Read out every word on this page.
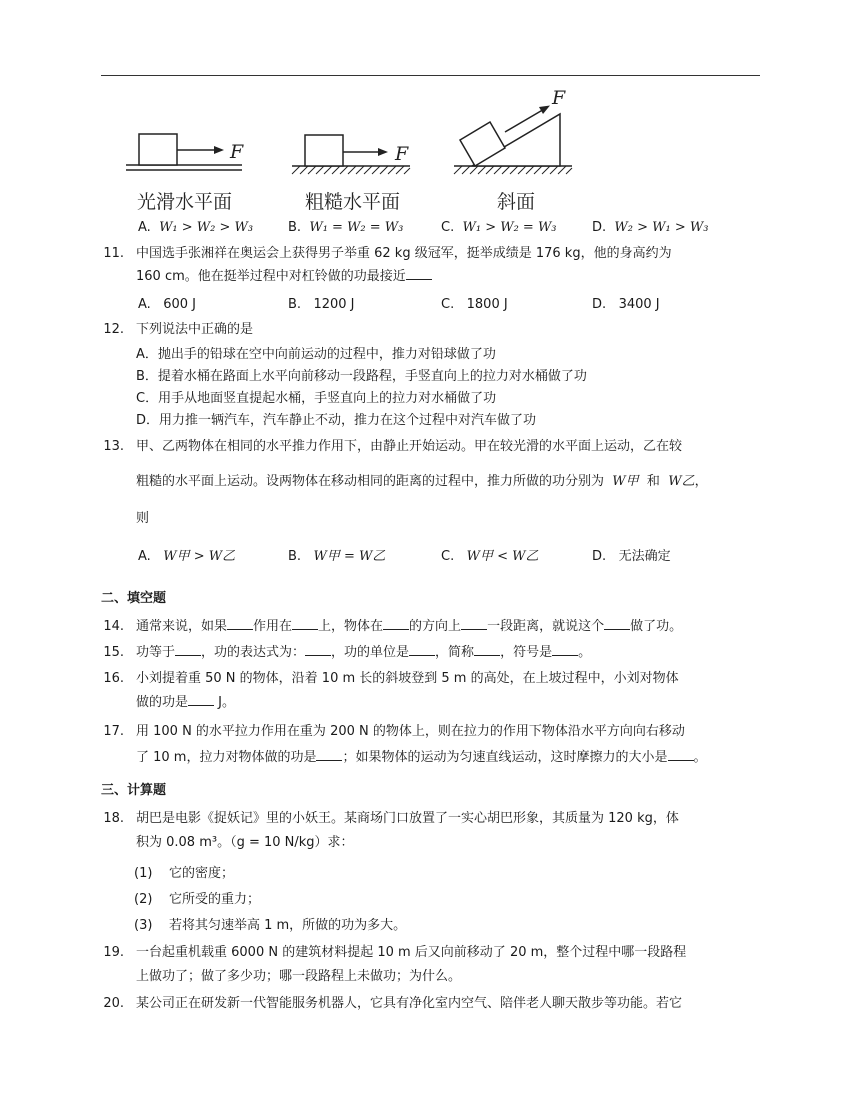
F	F
F
光滑水平面	粗糙水平面	斜面
A. W₁ > W₂ > W₃	B. W₁ = W₂ = W₃	C. W₁ > W₂ = W₃	D. W₂ > W₁ > W₃
11. 中国选手张湘祥在奥运会上获得男子举重 62 kg 级冠军，挺举成绩是 176 kg，他的身高约为
160 cm。他在挺举过程中对杠铃做的功最接近
A. 600 J	B. 1200 J	C. 1800 J	D. 3400 J
12. 下列说法中正确的是
A．抛出手的铅球在空中向前运动的过程中，推力对铅球做了功
B．提着水桶在路面上水平向前移动一段路程，手竖直向上的拉力对水桶做了功
C．用手从地面竖直提起水桶，手竖直向上的拉力对水桶做了功
D．用力推一辆汽车，汽车静止不动，推力在这个过程中对汽车做了功
13. 甲、乙两物体在相同的水平推力作用下，由静止开始运动。甲在较光滑的水平面上运动，乙在较
粗糙的水平面上运动。设两物体在移动相同的距离的过程中，推力所做的功分别为 W甲 和 W乙，
则
A. W甲 > W乙	B. W甲 = W乙	C. W甲 < W乙	D. 无法确定
二、填空题
14. 通常来说，如果 作用在 上，物体在 的方向上 一段距离，就说这个 做了功。
15. 功等于 ，功的表达式为： ，功的单位是 ，简称 ，符号是 。
16. 小刘提着重 50 N 的物体，沿着 10 m 长的斜坡登到 5 m 的高处，在上坡过程中，小刘对物体
做的功是 J。
17. 用 100 N 的水平拉力作用在重为 200 N 的物体上，则在拉力的作用下物体沿水平方向向右移动
了 10 m，拉力对物体做的功是 ；如果物体的运动为匀速直线运动，这时摩擦力的大小是 。
三、计算题
18. 胡巴是电影《捉妖记》里的小妖王。某商场门口放置了一实心胡巴形象，其质量为 120 kg，体
积为 0.08 m³。（g = 10 N/kg）求：
(1) 它的密度；
(2) 它所受的重力；
(3) 若将其匀速举高 1 m，所做的功为多大。
19. 一台起重机载重 6000 N 的建筑材料提起 10 m 后又向前移动了 20 m，整个过程中哪一段路程
上做功了；做了多少功；哪一段路程上未做功；为什么。
20. 某公司正在研发新一代智能服务机器人，它具有净化室内空气、陪伴老人聊天散步等功能。若它
